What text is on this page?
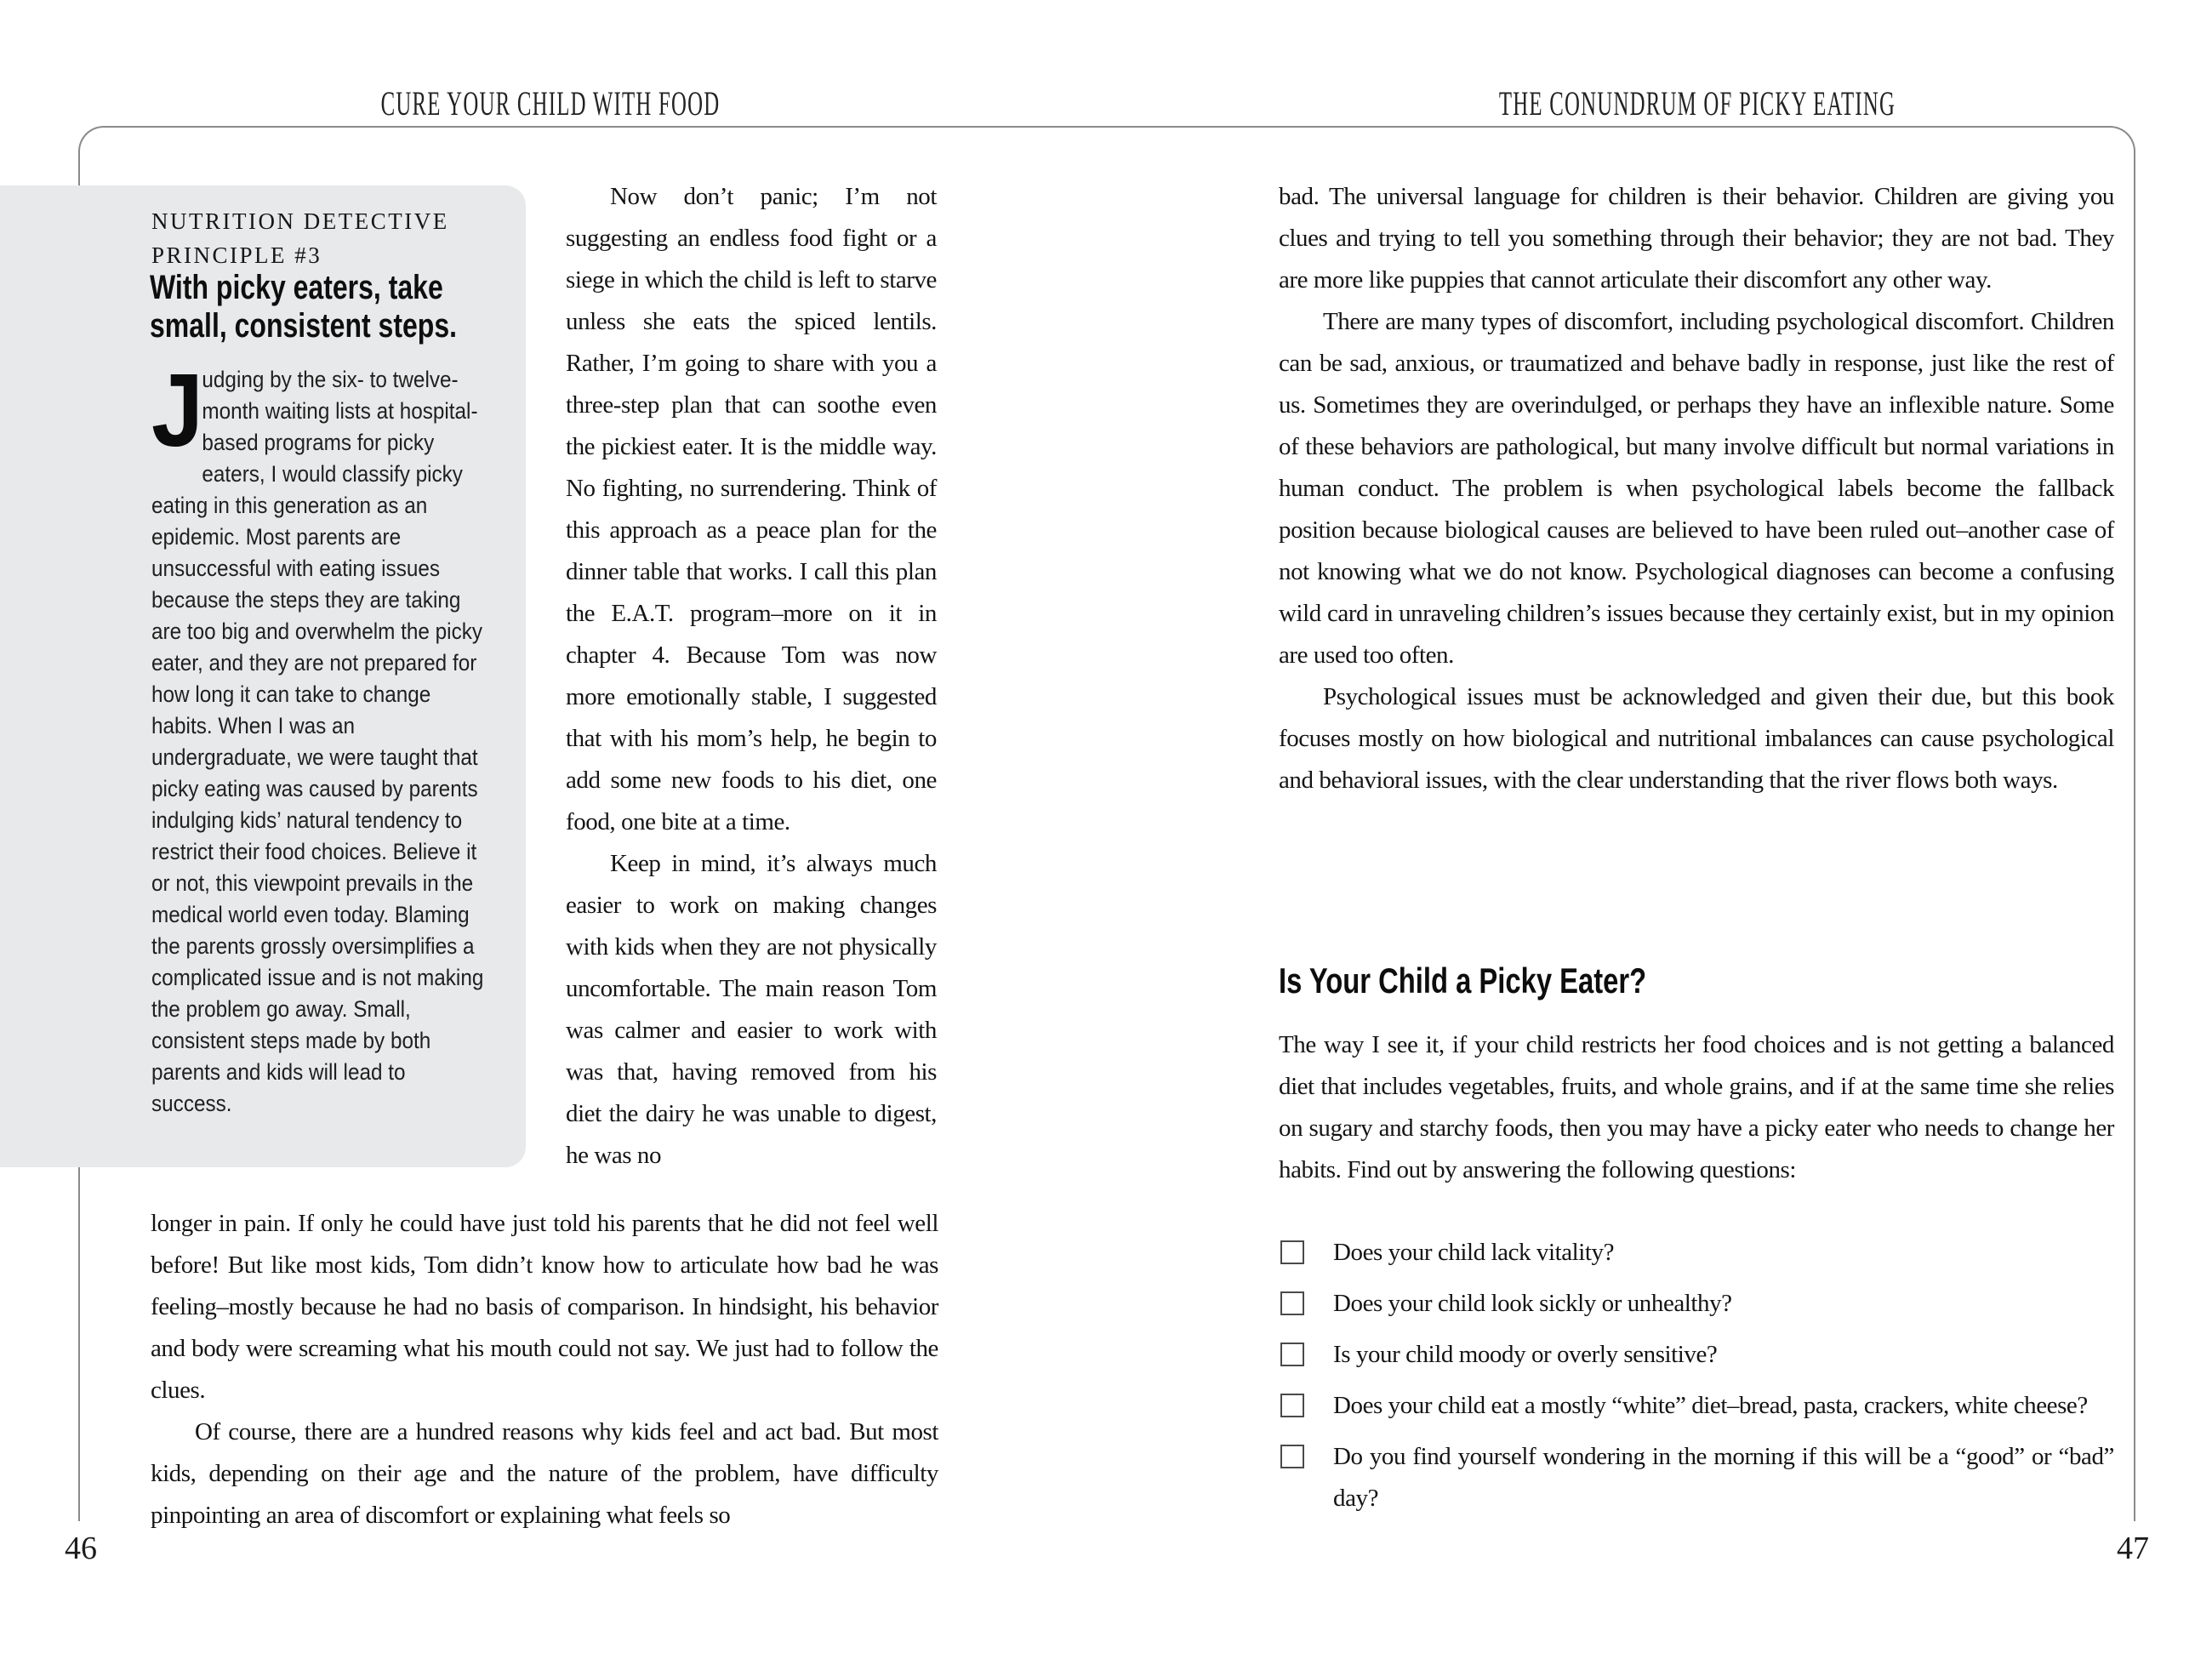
CURE YOUR CHILD WITH FOOD	THE CONUNDRUM OF PICKY EATING
NUTRITION DETECTIVE
PRINCIPLE #3
With picky eaters, take
small, consistent steps.
J
udging by the six- to twelve-month waiting lists at hospital-based programs for picky eaters, I would classify picky eating in this generation as an epidemic. Most parents are unsuccessful with eating issues because the steps they are taking are too big and overwhelm the picky eater, and they are not prepared for how long it can take to change habits. When I was an undergraduate, we were taught that picky eating was caused by parents indulging kids’ natural tendency to restrict their food choices. Believe it or not, this viewpoint prevails in the medical world even today. Blaming the parents grossly oversimplifies a complicated issue and is not making the problem go away. Small, consistent steps made by both parents and kids will lead to success.

Now don’t panic; I’m not suggesting an endless food fight or a siege in which the child is left to starve unless she eats the spiced lentils. Rather, I’m going to share with you a three-step plan that can soothe even the pickiest eater. It is the middle way. No fighting, no surrendering. Think of this approach as a peace plan for the dinner table that works. I call this plan the E.A.T. program–more on it in chapter 4. Because Tom was now more emotionally stable, I suggested that with his mom’s help, he begin to add some new foods to his diet, one food, one bite at a time.

Keep in mind, it’s always much easier to work on making changes with kids when they are not physically uncomfortable. The main reason Tom was calmer and easier to work with was that, having removed from his diet the dairy he was unable to digest, he was no

longer in pain. If only he could have just told his parents that he did not feel well before! But like most kids, Tom didn’t know how to articulate how bad he was feeling–mostly because he had no basis of comparison. In hindsight, his behavior and body were screaming what his mouth could not say. We just had to follow the clues.

Of course, there are a hundred reasons why kids feel and act bad. But most kids, depending on their age and the nature of the problem, have difficulty pinpointing an area of discomfort or explaining what feels so

bad. The universal language for children is their behavior. Children are giving you clues and trying to tell you something through their behavior; they are not bad. They are more like puppies that cannot articulate their discomfort any other way.

There are many types of discomfort, including psychological discomfort. Children can be sad, anxious, or traumatized and behave badly in response, just like the rest of us. Sometimes they are overindulged, or perhaps they have an inflexible nature. Some of these behaviors are pathological, but many involve difficult but normal variations in human conduct. The problem is when psychological labels become the fallback position because biological causes are believed to have been ruled out–another case of not knowing what we do not know. Psychological diagnoses can become a confusing wild card in unraveling children’s issues because they certainly exist, but in my opinion are used too often.

Psychological issues must be acknowledged and given their due, but this book focuses mostly on how biological and nutritional imbalances can cause psychological and behavioral issues, with the clear understanding that the river flows both ways.

Is Your Child a Picky Eater?

The way I see it, if your child restricts her food choices and is not getting a balanced diet that includes vegetables, fruits, and whole grains, and if at the same time she relies on sugary and starchy foods, then you may have a picky eater who needs to change her habits. Find out by answering the following questions:

Does your child lack vitality?
Does your child look sickly or unhealthy?
Is your child moody or overly sensitive?
Does your child eat a mostly “white” diet–bread, pasta, crackers, white cheese?
Do you find yourself wondering in the morning if this will be a “good” or “bad” day?
46	47
